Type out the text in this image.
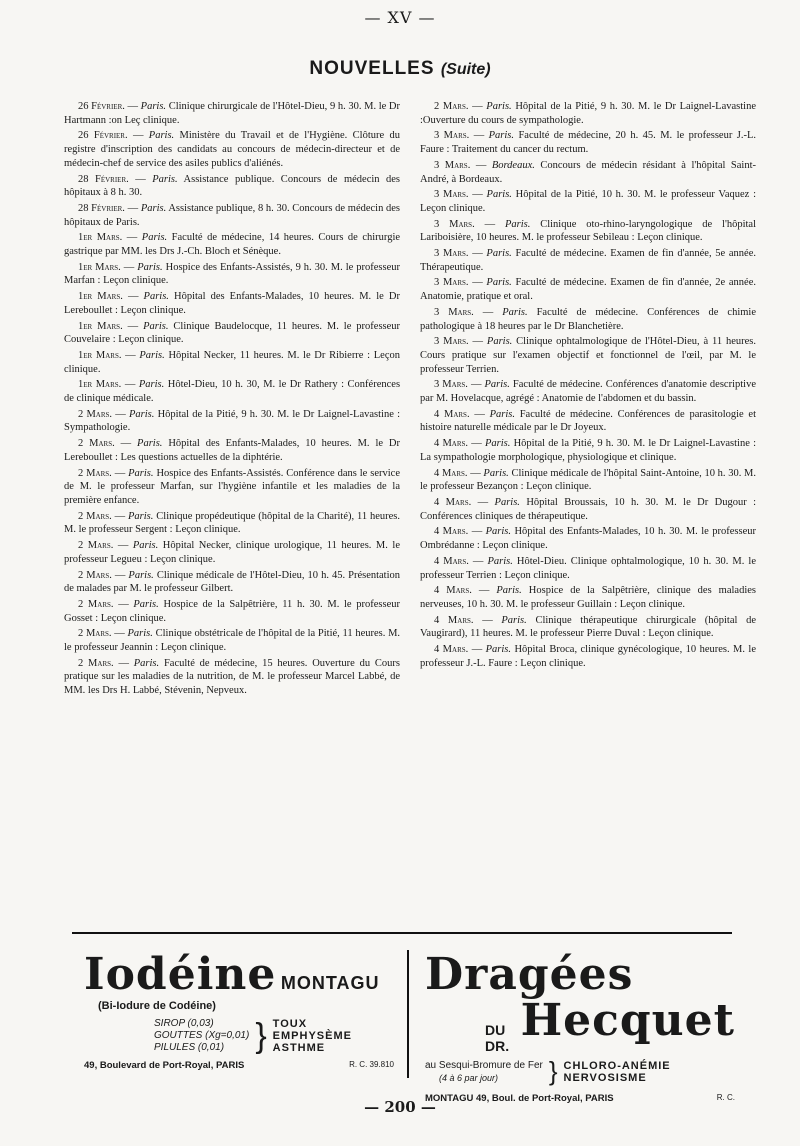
— XV —
NOUVELLES (Suite)

26 Février. — Paris. Clinique chirurgicale de l'Hôtel-Dieu, 9 h. 30. M. le Dr Hartmann :on Leç clinique.

26 Février. — Paris. Ministère du Travail et de l'Hygiène. Clôture du registre d'inscription des candidats au concours de médecin-directeur et de médecin-chef de service des asiles publics d'aliénés.

28 Février. — Paris. Assistance publique. Concours de médecin des hôpitaux à 8 h. 30.

28 Février. — Paris. Assistance publique, 8 h. 30. Concours de médecin des hôpitaux de Paris.

1er Mars. — Paris. Faculté de médecine, 14 heures. Cours de chirurgie gastrique par MM. les Drs J.-Ch. Bloch et Sénèque.

1er Mars. — Paris. Hospice des Enfants-Assistés, 9 h. 30. M. le professeur Marfan : Leçon clinique.

1er Mars. — Paris. Hôpital des Enfants-Malades, 10 heures. M. le Dr Lereboullet : Leçon clinique.

1er Mars. — Paris. Clinique Baudelocque, 11 heures. M. le professeur Couvelaire : Leçon clinique.

1er Mars. — Paris. Hôpital Necker, 11 heures. M. le Dr Ribierre : Leçon clinique.

1er Mars. — Paris. Hôtel-Dieu, 10 h. 30, M. le Dr Rathery : Conférences de clinique médicale.

2 Mars. — Paris. Hôpital de la Pitié, 9 h. 30. M. le Dr Laignel-Lavastine : Sympathologie.

2 Mars. — Paris. Hôpital des Enfants-Malades, 10 heures. M. le Dr Lereboullet : Les questions actuelles de la diphtérie.

2 Mars. — Paris. Hospice des Enfants-Assistés. Conférence dans le service de M. le professeur Marfan, sur l'hygiène infantile et les maladies de la première enfance.

2 Mars. — Paris. Clinique propédeutique (hôpital de la Charité), 11 heures. M. le professeur Sergent : Leçon clinique.

2 Mars. — Paris. Hôpital Necker, clinique urologique, 11 heures. M. le professeur Legueu : Leçon clinique.

2 Mars. — Paris. Clinique médicale de l'Hôtel-Dieu, 10 h. 45. Présentation de malades par M. le professeur Gilbert.

2 Mars. — Paris. Hospice de la Salpêtrière, 11 h. 30. M. le professeur Gosset : Leçon clinique.

2 Mars. — Paris. Clinique obstétricale de l'hôpital de la Pitié, 11 heures. M. le professeur Jeannin : Leçon clinique.

2 Mars. — Paris. Faculté de médecine, 15 heures. Ouverture du Cours pratique sur les maladies de la nutrition, de M. le professeur Marcel Labbé, de MM. les Drs H. Labbé, Stévenin, Nepveux.

2 Mars. — Paris. Hôpital de la Pitié, 9 h. 30. M. le Dr Laignel-Lavastine :Ouverture du cours de sympathologie.

3 Mars. — Paris. Faculté de médecine, 20 h. 45. M. le professeur J.-L. Faure : Traitement du cancer du rectum.

3 Mars. — Bordeaux. Concours de médecin résidant à l'hôpital Saint-André, à Bordeaux.

3 Mars. — Paris. Hôpital de la Pitié, 10 h. 30. M. le professeur Vaquez : Leçon clinique.

3 Mars. — Paris. Clinique oto-rhino-laryngologique de l'hôpital Lariboisière, 10 heures. M. le professeur Sebileau : Leçon clinique.

3 Mars. — Paris. Faculté de médecine. Examen de fin d'année, 5e année. Thérapeutique.

3 Mars. — Paris. Faculté de médecine. Examen de fin d'année, 2e année. Anatomie, pratique et oral.

3 Mars. — Paris. Faculté de médecine. Conférences de chimie pathologique à 18 heures par le Dr Blanchetière.

3 Mars. — Paris. Clinique ophtalmologique de l'Hôtel-Dieu, à 11 heures. Cours pratique sur l'examen objectif et fonctionnel de l'œil, par M. le professeur Terrien.

3 Mars. — Paris. Faculté de médecine. Conférences d'anatomie descriptive par M. Hovelacque, agrégé : Anatomie de l'abdomen et du bassin.

4 Mars. — Paris. Faculté de médecine. Conférences de parasitologie et histoire naturelle médicale par le Dr Joyeux.

4 Mars. — Paris. Hôpital de la Pitié, 9 h. 30. M. le Dr Laignel-Lavastine : La sympathologie morphologique, physiologique et clinique.

4 Mars. — Paris. Clinique médicale de l'hôpital Saint-Antoine, 10 h. 30. M. le professeur Bezançon : Leçon clinique.

4 Mars. — Paris. Hôpital Broussais, 10 h. 30. M. le Dr Dugour : Conférences cliniques de thérapeutique.

4 Mars. — Paris. Hôpital des Enfants-Malades, 10 h. 30. M. le professeur Ombrédanne : Leçon clinique.

4 Mars. — Paris. Hôtel-Dieu. Clinique ophtalmologique, 10 h. 30. M. le professeur Terrien : Leçon clinique.

4 Mars. — Paris. Hospice de la Salpêtrière, clinique des maladies nerveuses, 10 h. 30. M. le professeur Guillain : Leçon clinique.

4 Mars. — Paris. Clinique thérapeutique chirurgicale (hôpital de Vaugirard), 11 heures. M. le professeur Pierre Duval : Leçon clinique.

4 Mars. — Paris. Hôpital Broca, clinique gynécologique, 10 heures. M. le professeur J.-L. Faure : Leçon clinique.

Iodéine MONTAGU
(Bi-Iodure de Codéine)
SIROP (0,03)
GOUTTES (Xg=0,01)
PILULES (0,01) } TOUX
EMPHYSÈME
ASTHME
49, Boulevard de Port-Royal, PARIS	R. C. 39.810
Dragées
DU DR. Hecquet
au Sesqui-Bromure de Fer
(4 à 6 par jour)	} CHLORO-ANÉMIE
NERVOSISME
MONTAGU 49, Boul. de Port-Royal, PARIS	R. C.
— 200 —
